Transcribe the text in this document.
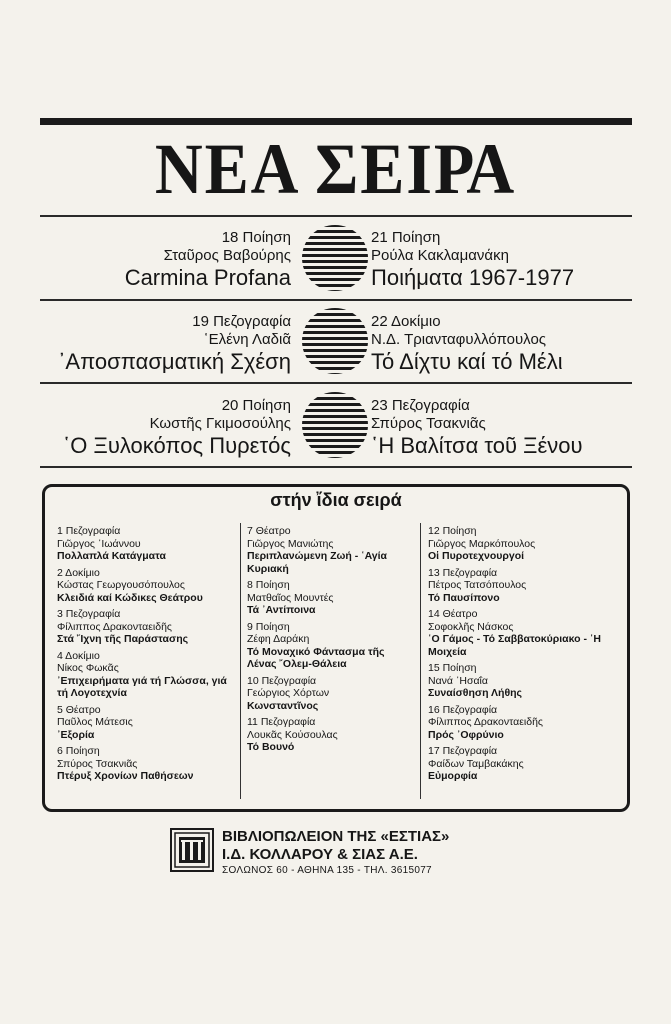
ΝΕΑ ΣΕΙΡΑ
18 Ποίηση
Σταῦρος Βαβούρης
Carmina Profana
21 Ποίηση
Ρούλα Κακλαμανάκη
Ποιήματα 1967-1977
19 Πεζογραφία
῾Ελένη Λαδιᾶ
᾿Αποσπασματική Σχέση
22 Δοκίμιο
Ν.Δ. Τριανταφυλλόπουλος
Τό Δίχτυ καί τό Μέλι
20 Ποίηση
Κωστῆς Γκιμοσούλης
῾Ο Ξυλοκόπος Πυρετός
23 Πεζογραφία
Σπύρος Τσακνιᾶς
῾Η Βαλίτσα τοῦ Ξένου
στήν ἴδια σειρά
1 Πεζογραφία
Γιῶργος ᾿Ιωάννου
Πολλαπλά Κατάγματα
2 Δοκίμιο
Κώστας Γεωργουσόπουλος
Κλειδιά καί Κώδικες Θεάτρου
3 Πεζογραφία
Φίλιππος Δρακονταειδῆς
Στά ῎Ιχνη τῆς Παράστασης
4 Δοκίμιο
Νίκος Φωκᾶς
᾿Επιχειρήματα γιά τή Γλώσσα, γιά τή Λογοτεχνία
5 Θέατρο
Παῦλος Μάτεσις
᾿Εξορία
6 Ποίηση
Σπύρος Τσακνιᾶς
Πτέρυξ Χρονίων Παθήσεων
7 Θέατρο
Γιῶργος Μανιώτης
Περιπλανώμενη Ζωή - ῾Αγία Κυριακή
8 Ποίηση
Ματθαῖος Μουντές
Τά ᾿Αντίποινα
9 Ποίηση
Ζέφη Δαράκη
Τό Μοναχικό Φάντασμα τῆς Λένας ῎Ολεμ-Θάλεια
10 Πεζογραφία
Γεώργιος Χόρτων
Κωνσταντῖνος
11 Πεζογραφία
Λουκᾶς Κούσουλας
Τό Βουνό
12 Ποίηση
Γιῶργος Μαρκόπουλος
Οἱ Πυροτεχνουργοί
13 Πεζογραφία
Πέτρος Τατσόπουλος
Τό Παυσίπονο
14 Θέατρο
Σοφοκλῆς Νάσκος
῾Ο Γάμος - Τό Σαββατοκύριακο - ῾Η Μοιχεία
15 Ποίηση
Νανά ᾿Ησαΐα
Συναίσθηση Λήθης
16 Πεζογραφία
Φίλιππος Δρακονταειδῆς
Πρός ᾿Οφρύνιο
17 Πεζογραφία
Φαίδων Ταμβακάκης
Εὐμορφία
ΒΙΒΛΙΟΠΩΛΕΙΟΝ ΤΗΣ «ΕΣΤΙΑΣ»
Ι.Δ. ΚΟΛΛΑΡΟΥ & ΣΙΑΣ Α.Ε.
ΣΟΛΩΝΟΣ 60 - ΑΘΗΝΑ 135 - ΤΗΛ. 3615077
